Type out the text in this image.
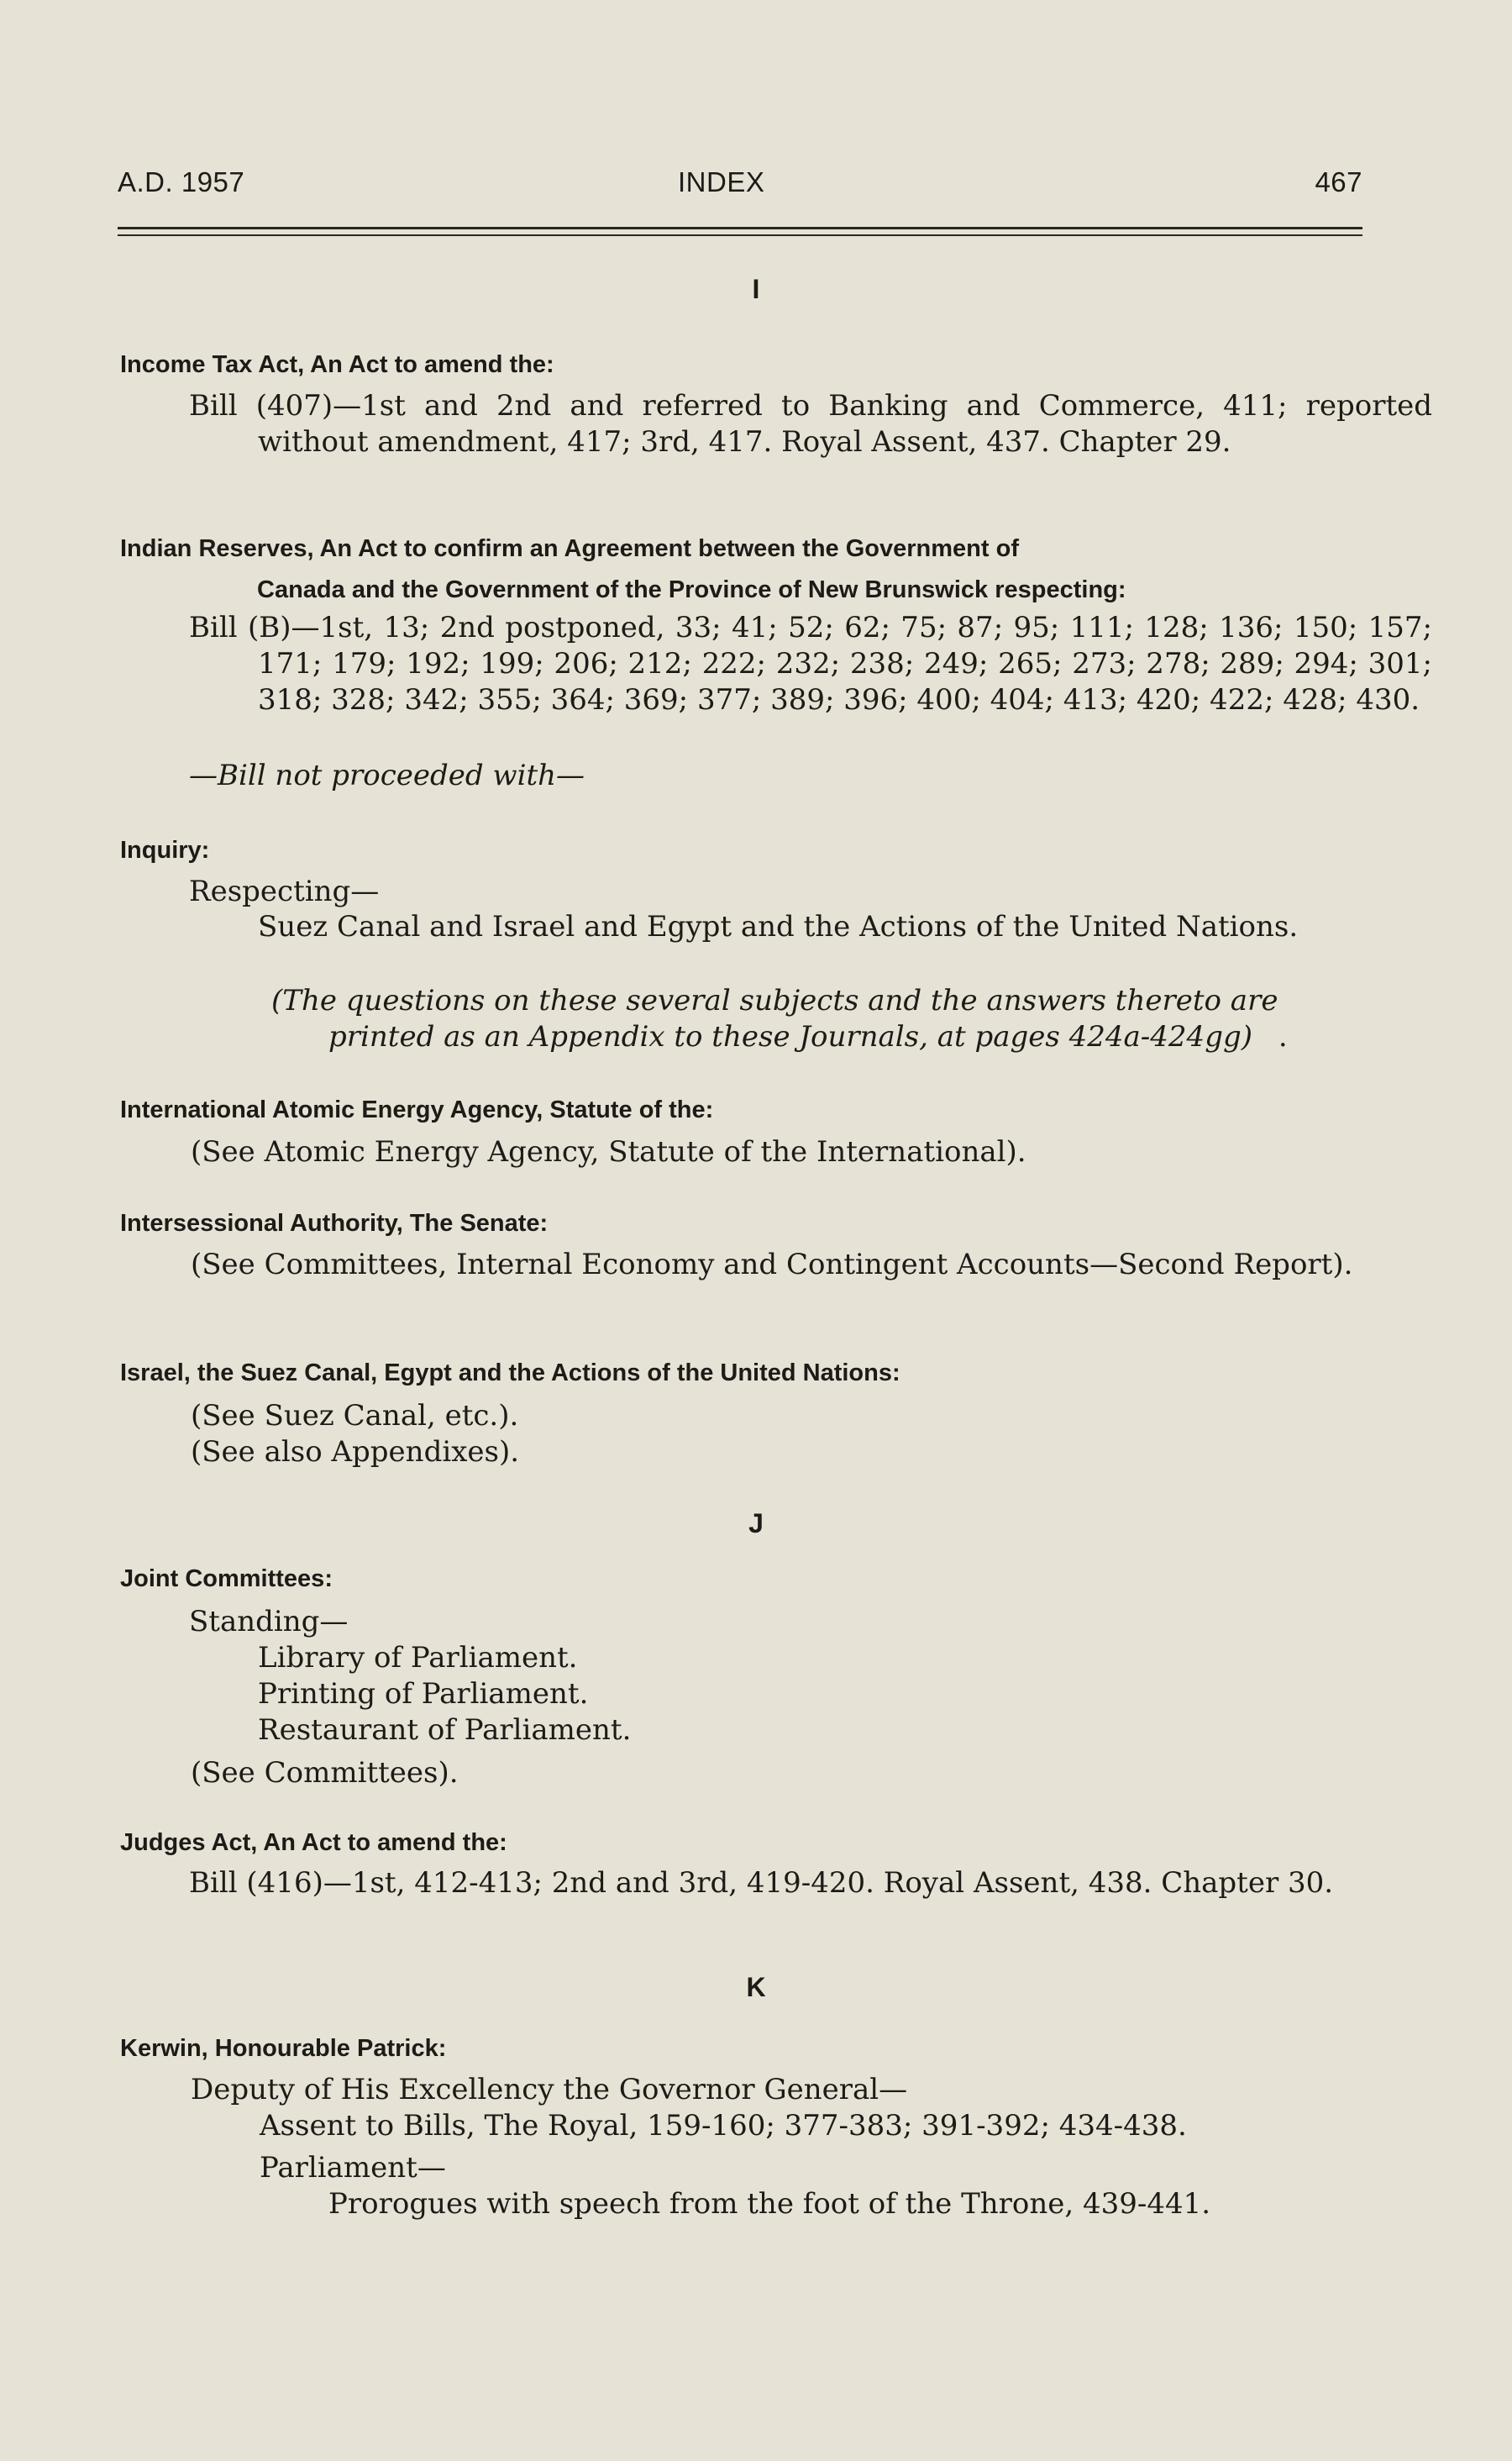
A.D. 1957	INDEX	467
I
J
K
Income Tax Act, An Act to amend the:
Bill (407)—1st and 2nd and referred to Banking and Commerce, 411; reported without amendment, 417; 3rd, 417. Royal Assent, 437. Chapter 29.
Indian Reserves, An Act to confirm an Agreement between the Government of
Canada and the Government of the Province of New Brunswick respecting:
Bill (B)—1st, 13; 2nd postponed, 33; 41; 52; 62; 75; 87; 95; 111; 128; 136; 150; 157; 171; 179; 192; 199; 206; 212; 222; 232; 238; 249; 265; 273; 278; 289; 294; 301; 318; 328; 342; 355; 364; 369; 377; 389; 396; 400; 404; 413; 420; 422; 428; 430.
—Bill not proceeded with—
Inquiry:
Respecting—
Suez Canal and Israel and Egypt and the Actions of the United Nations.
(The questions on these several subjects and the answers thereto are
printed as an Appendix to these Journals, at pages 424a-424gg) .
International Atomic Energy Agency, Statute of the:
(See Atomic Energy Agency, Statute of the International).
Intersessional Authority, The Senate:
(See Committees, Internal Economy and Contingent Accounts—Second Report).
Israel, the Suez Canal, Egypt and the Actions of the United Nations:
(See Suez Canal, etc.).
(See also Appendixes).
Joint Committees:
Standing—
Library of Parliament.
Printing of Parliament.
Restaurant of Parliament.
(See Committees).
Judges Act, An Act to amend the:
Bill (416)—1st, 412-413; 2nd and 3rd, 419-420. Royal Assent, 438. Chapter 30.
Kerwin, Honourable Patrick:
Deputy of His Excellency the Governor General—
Assent to Bills, The Royal, 159-160; 377-383; 391-392; 434-438.
Parliament—
Prorogues with speech from the foot of the Throne, 439-441.
